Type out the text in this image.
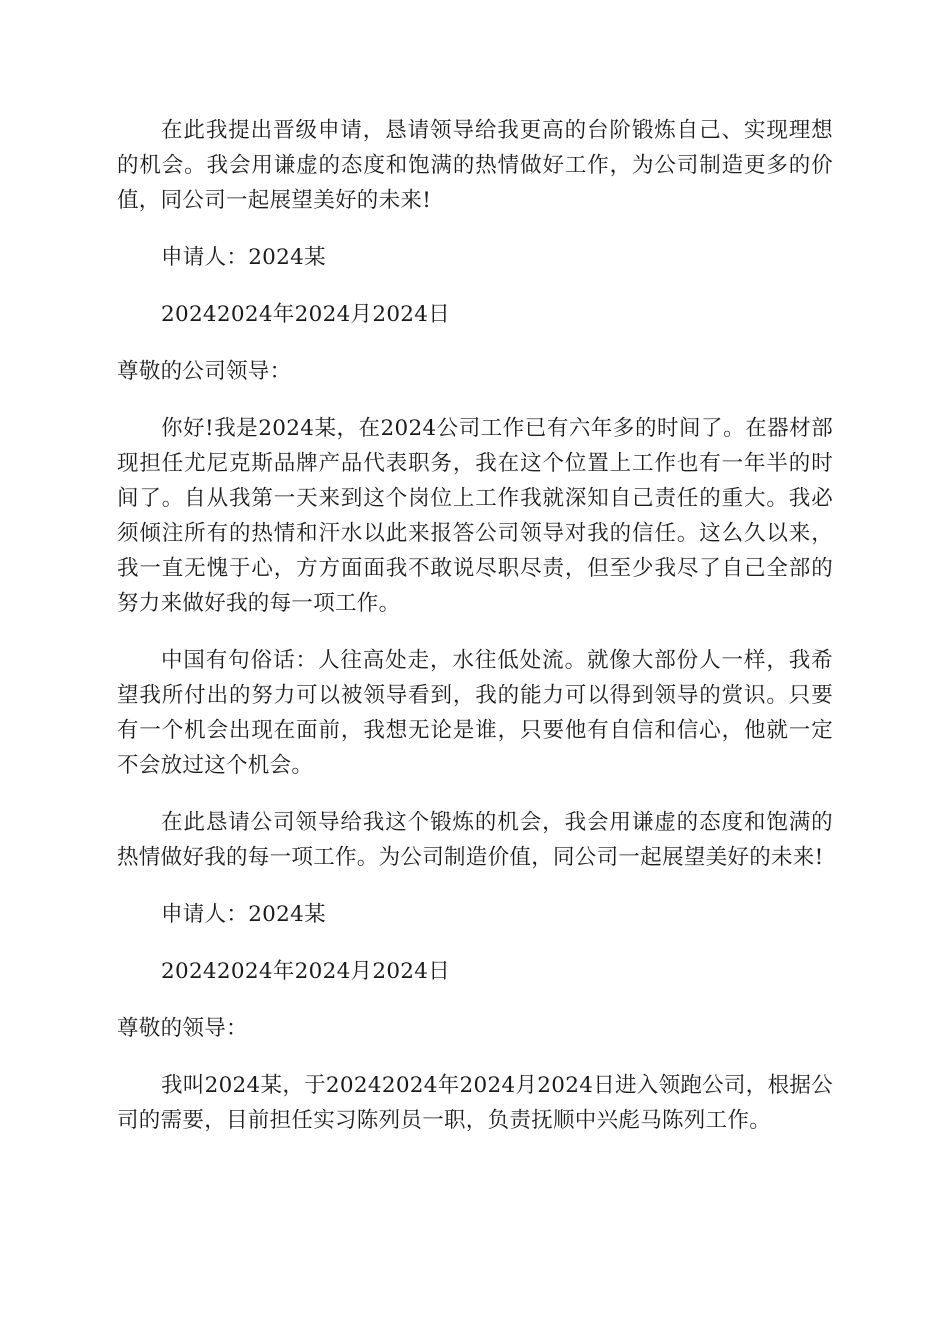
在此我提出晋级申请，恳请领导给我更高的台阶锻炼自己、实现理想的机会。我会用谦虚的态度和饱满的热情做好工作，为公司制造更多的价值，同公司一起展望美好的未来!

申请人：2024某

20242024年2024月2024日

尊敬的公司领导：

你好!我是2024某，在2024公司工作已有六年多的时间了。在器材部现担任尤尼克斯品牌产品代表职务，我在这个位置上工作也有一年半的时间了。自从我第一天来到这个岗位上工作我就深知自己责任的重大。我必须倾注所有的热情和汗水以此来报答公司领导对我的信任。这么久以来，我一直无愧于心，方方面面我不敢说尽职尽责，但至少我尽了自己全部的努力来做好我的每一项工作。

中国有句俗话：人往高处走，水往低处流。就像大部份人一样，我希望我所付出的努力可以被领导看到，我的能力可以得到领导的赏识。只要有一个机会出现在面前，我想无论是谁，只要他有自信和信心，他就一定不会放过这个机会。

在此恳请公司领导给我这个锻炼的机会，我会用谦虚的态度和饱满的热情做好我的每一项工作。为公司制造价值，同公司一起展望美好的未来!

申请人：2024某

20242024年2024月2024日

尊敬的领导：

我叫2024某，于20242024年2024月2024日进入领跑公司，根据公司的需要，目前担任实习陈列员一职，负责抚顺中兴彪马陈列工作。
